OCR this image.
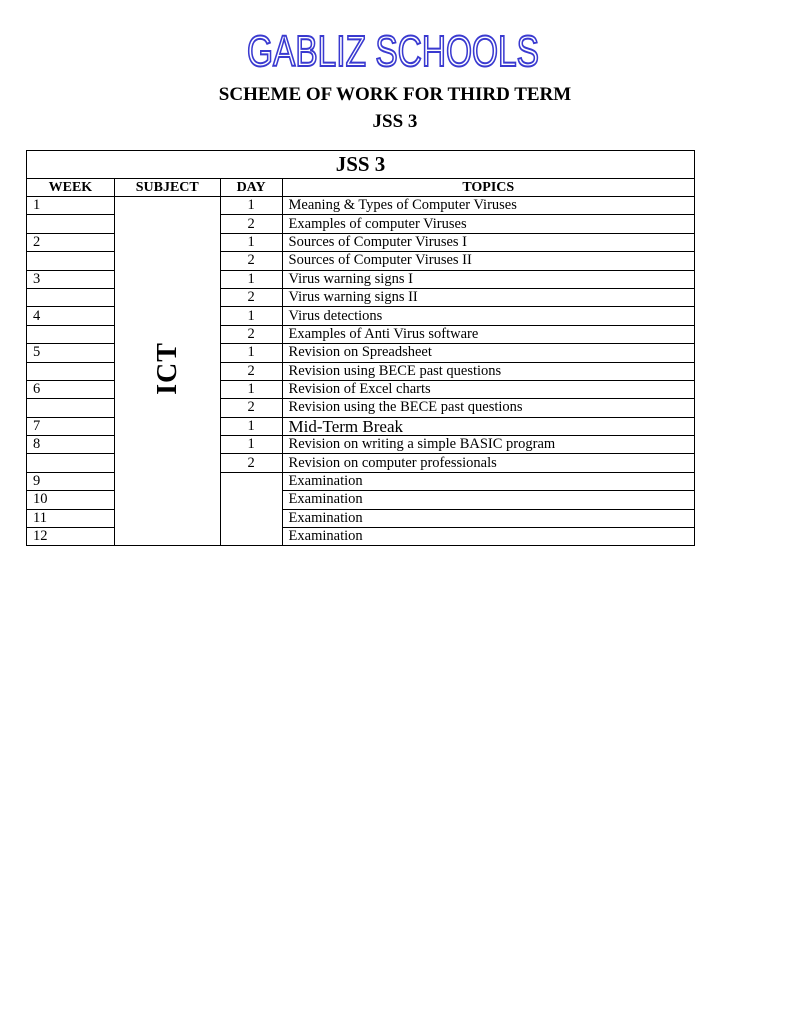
GABLIZ SCHOOLS
SCHEME OF WORK FOR THIRD TERM
JSS 3
JSS 3			
WEEK	SUBJECT	DAY	TOPICS
1	ICT	1	Meaning & Types of Computer Viruses
		2	Examples of computer Viruses
2		1	Sources of Computer Viruses I
		2	Sources of Computer Viruses II
3		1	Virus warning signs I
		2	Virus warning signs II
4		1	Virus detections
		2	Examples of Anti Virus software
5		1	Revision on Spreadsheet
		2	Revision using BECE past questions
6		1	Revision of Excel charts
		2	Revision using the BECE past questions
7		1	Mid-Term Break
8		1	Revision on writing a simple BASIC program
		2	Revision on computer professionals
9			Examination
10			Examination
11			Examination
12			Examination
